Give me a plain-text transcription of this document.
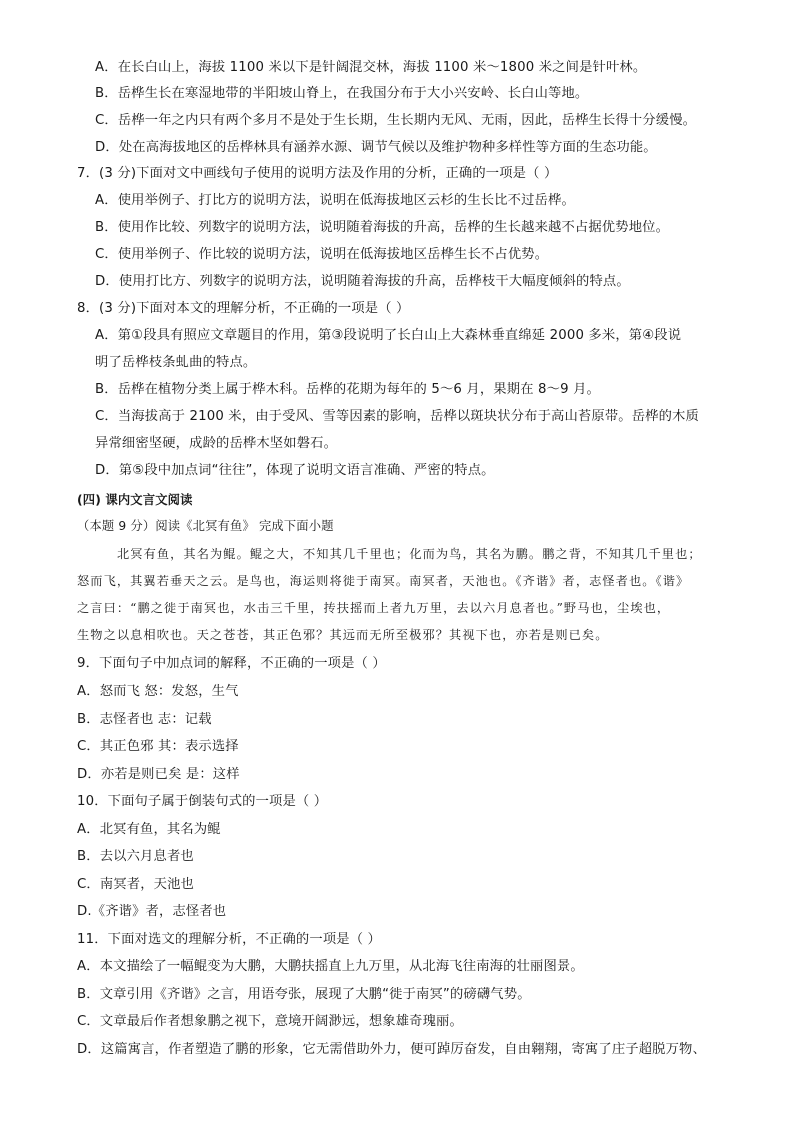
A．在长白山上，海拔 1100 米以下是针阔混交林，海拔 1100 米～1800 米之间是针叶林。
B．岳桦生长在寒湿地带的半阳坡山脊上，在我国分布于大小兴安岭、长白山等地。
C．岳桦一年之内只有两个多月不是处于生长期，生长期内无风、无雨，因此，岳桦生长得十分缓慢。
D．处在高海拔地区的岳桦林具有涵养水源、调节气候以及维护物种多样性等方面的生态功能。
7．(3 分)下面对文中画线句子使用的说明方法及作用的分析，正确的一项是（ ）
A．使用举例子、打比方的说明方法，说明在低海拔地区云杉的生长比不过岳桦。
B．使用作比较、列数字的说明方法，说明随着海拔的升高，岳桦的生长越来越不占据优势地位。
C．使用举例子、作比较的说明方法，说明在低海拔地区岳桦生长不占优势。
D．使用打比方、列数字的说明方法，说明随着海拔的升高，岳桦枝干大幅度倾斜的特点。
8．(3 分)下面对本文的理解分析，不正确的一项是（ ）
A．第①段具有照应文章题目的作用，第③段说明了长白山上大森林垂直绵延 2000 多米，第④段说
明了岳桦枝条虬曲的特点。
B．岳桦在植物分类上属于桦木科。岳桦的花期为每年的 5～6 月，果期在 8～9 月。
C．当海拔高于 2100 米，由于受风、雪等因素的影响，岳桦以斑块状分布于高山苔原带。岳桦的木质
异常细密坚硬，成龄的岳桦木坚如磐石。
D．第⑤段中加点词“往往”，体现了说明文语言准确、严密的特点。
(四) 课内文言文阅读
（本题 9 分）阅读《北冥有鱼》 完成下面小题
北冥有鱼，其名为鲲。鲲之大，不知其几千里也；化而为鸟，其名为鹏。鹏之背，不知其几千里也；
怒而飞，其翼若垂天之云。是鸟也，海运则将徙于南冥。南冥者，天池也。《齐谐》者，志怪者也。《谐》
之言曰：“鹏之徙于南冥也，水击三千里，抟扶摇而上者九万里，去以六月息者也。”野马也，尘埃也，
生物之以息相吹也。天之苍苍，其正色邪？其远而无所至极邪？其视下也，亦若是则已矣。
9．下面句子中加点词的解释，不正确的一项是（ ）
A．怒而飞 怒：发怒，生气
B．志怪者也 志：记载
C．其正色邪 其：表示选择
D．亦若是则已矣 是：这样
10．下面句子属于倒装句式的一项是（ ）
A．北冥有鱼，其名为鲲
B．去以六月息者也
C．南冥者，天池也
D.《齐谐》者，志怪者也
11．下面对选文的理解分析，不正确的一项是（ ）
A．本文描绘了一幅鲲变为大鹏，大鹏扶摇直上九万里，从北海飞往南海的壮丽图景。
B．文章引用《齐谐》之言，用语夸张，展现了大鹏“徙于南冥”的磅礴气势。
C．文章最后作者想象鹏之视下，意境开阔渺远，想象雄奇瑰丽。
D．这篇寓言，作者塑造了鹏的形象，它无需借助外力，便可踔厉奋发，自由翱翔，寄寓了庄子超脱万物、
